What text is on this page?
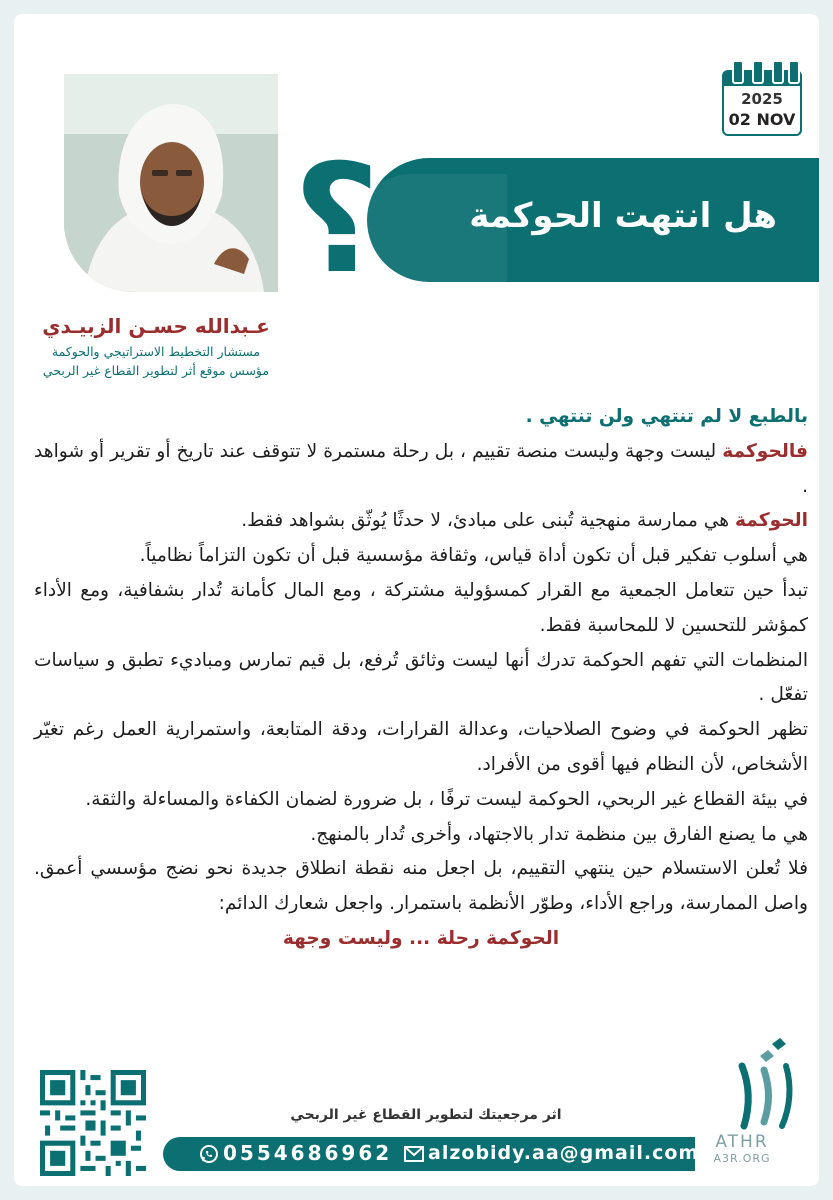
2025
02 NOV
هل انتهت الحوكمة
?
عـبدالله حسـن الزبيـدي
مستشار التخطيط الاستراتيجي والحوكمة
مؤسس موقع أثر لتطوير القطاع غير الربحي

بالطبع لا لم تنتهي ولن تنتهي .

فالحوكمة ليست وجهة وليست منصة تقييم ، بل رحلة مستمرة لا تتوقف عند تاريخ أو تقرير أو شواهد .

الحوكمة هي ممارسة منهجية تُبنى على مبادئ، لا حدثًا يُوثّق بشواهد فقط.

هي أسلوب تفكير قبل أن تكون أداة قياس، وثقافة مؤسسية قبل أن تكون التزاماً نظامياً.

تبدأ حين تتعامل الجمعية مع القرار كمسؤولية مشتركة ، ومع المال كأمانة تُدار بشفافية، ومع الأداء كمؤشر للتحسين لا للمحاسبة فقط.

المنظمات التي تفهم الحوكمة تدرك أنها ليست وثائق تُرفع، بل قيم تمارس ومباديء تطبق و سياسات تفعّل .

تظهر الحوكمة في وضوح الصلاحيات، وعدالة القرارات، ودقة المتابعة، واستمرارية العمل رغم تغيّر الأشخاص، لأن النظام فيها أقوى من الأفراد.

في بيئة القطاع غير الربحي، الحوكمة ليست ترفًا ، بل ضرورة لضمان الكفاءة والمساءلة والثقة.

هي ما يصنع الفارق بين منظمة تدار بالاجتهاد، وأخرى تُدار بالمنهج.

فلا تُعلن الاستسلام حين ينتهي التقييم، بل اجعل منه نقطة انطلاق جديدة نحو نضج مؤسسي أعمق. واصل الممارسة، وراجع الأداء، وطوّر الأنظمة باستمرار. واجعل شعارك الدائم:

الحوكمة رحلة ... وليست وجهة

اثر مرجعيتك لتطوير القطاع غير الربحي
0554686962 alzobidy.aa@gmail.com ATHR
A3R.ORG
